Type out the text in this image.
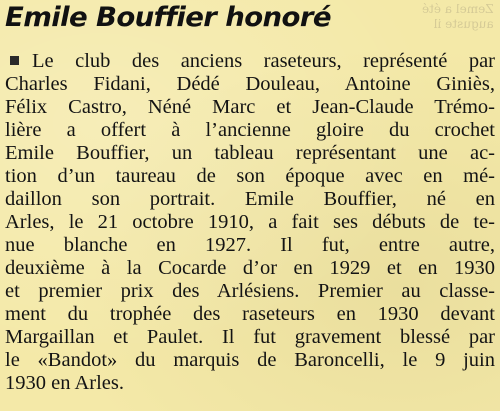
Zemel a été
auguste il
Emile Bouffier honoré
Le club des anciens raseteurs, représenté par
Charles Fidani, Dédé Douleau, Antoine Giniès,
Félix Castro, Néné Marc et Jean-Claude Trémo-
lière a offert à l’ancienne gloire du crochet
Emile Bouffier, un tableau représentant une ac-
tion d’un taureau de son époque avec en mé-
daillon son portrait. Emile Bouffier, né en
Arles, le 21 octobre 1910, a fait ses débuts de te-
nue blanche en 1927. Il fut, entre autre,
deuxième à la Cocarde d’or en 1929 et en 1930
et premier prix des Arlésiens. Premier au classe-
ment du trophée des raseteurs en 1930 devant
Margaillan et Paulet. Il fut gravement blessé par
le «Bandot» du marquis de Baroncelli, le 9 juin
1930 en Arles.
